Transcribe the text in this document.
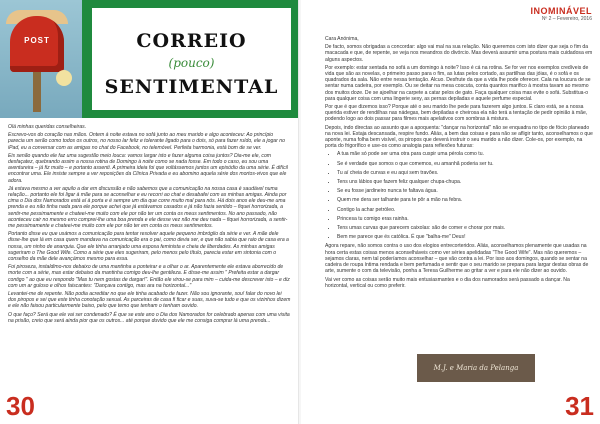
POST	CORREIO
(pouco)
SENTIMENTAL

Olá minhas queridas conselheiras.

Escrevo-vos do coração nas mãos. Ontem à noite estava no sofá junto ao meu marido e algo aconteceu: Ao princípio parecia um serão como todos os outros, no nosso lar feliz e tolerante ligado para o dois, só para fazer ruído, ele a jogar no iPad, eu a conversar com as amigas no chat do Facebook, no telemóvel. Perfeita harmonia, está bom de se ver.

Eis senão quando ele faz uma sugestão meio louca: vamos largar isto e fazer alguma coisa juntos? Dia-me ele, com desfaçatez, quebrando assim a nossa rotina de Domingo à noite como se nada fosse. Em todo o caso, eu sou uma aventureira – já fiz muito – e portanto assenti. A primeira ideia foi que voltássemos juntos um episódio da uma série. É difícil encontrar uma. Ele insiste sempre a ver reposições da Clínica Privada e eu abomino aquela série dos mortos-vivos que ele adora.

Já estava mesmo a ver aquilo a dar em discussão e não sabemos que a comunicação na nossa casa é saudável numa relação... portanto ele foi ligar à mãe para se aconselhar e eu recorri ao chat e desabafei com as minhas amigas. Ainda por cima o Dia dos Namorados está aí à porta e é sempre um dia que corre muito mal para nós. Há dois anos ele deu-me uma prenda e eu não tinha nada para ele porque achei que já estávamos casados e já não fazia sentido – fiquei horrorizada, a sentir-me pessimamente e chateei-me muito com ele por não ter um conta os meus sentimentos. No ano passado, não aconteceu cair no mesmo erro comprei-lhe uma boa prenda e ele desse vez não me deu nada – fiquei horrorizada, a sentir-me pessimamente e chateei-me muito com ele por não ter em conta os meus sentimentos.

Portanto disse eu que usámos a comunicação para tentar resolver aquele pequeno imbróglio da série e ver. A mãe dele disse-lhe que lá em casa quem mandava na comunicação era o pai, como devia ser, e que não sabia que raio de casa era a nossa, um ninho de anarquia. Que ele tinha arranjado uma esposa feminista e cheia de liberdades. As minhas amigas sugeriram o The Good Wife. Como a série que eles sugeriram, pelo menos pelo título, parecia estar em sintonia com o conselho da mãe dele avançámos mesmo para essa.

Foi piroseza, instaldimo-nos debaixo de uma mantinha a ponteirar e a olhar o ar. Aparentemente ele estava aborrecido de morte com a série, mas estar debaixo da mantinha comigo deu-lhe gentileza. E disse-me assim " Prefeita estar a dargar contigo " ao que eu respondo "Mas tu nem gostas de dargar!". Então ele virou-se para mim – cuida-me descrever isto – e diz com um ar guloso e olhos faiscantes: "Dançava contigo, mas ara na horizontal..."

Levantei-me de repente. Não podia acreditar no que ele tinha acabado de fazer. Não sou ignorante, sou! falar do novo lei dos piropos e sei que este tinha conotação sexual. As parceiras de casa fi ficar e suas, suva-se tudo e que os vizinhos dizem e ele não faisou particularmente baixo, pelo que temo que tenham o tenham ouvido.

O que faço? Será que ele vai ser condenado? É que se este ano o Dia dos Namorados for celebrado apenas com uma visita na prisão, creio que será ainda pior que os outros... até porque duvido que ele me consiga comprar lá uma prenda...

30
INOMINÁVEL
Nº 2 – Fevereiro, 2016

Cara Anónima,

De facto, somos obrigadas a concordar: algo vai mal na sua relação. Não queremos com isto dizer que seja o fim da macacada e que, de repente, se veja nos meandros do divórcio. Mas deverá assumir uma postura mais cuidadosa em alguns aspectos.

Por exemplo: estar sentada no sofá a um domingo à noite? Isso é cá na rotina. Se for ver nos exemplos credíveis de vida que são as novelas, o primeiro passo para o fim, as lutas pelos cortado, as partilhas das jóias, é o sofá e os quadrados da sala. Não entre nessa tentação. Alcuo. Desfrute da que a vida lhe pode oferecer. Cala na loucura de se sentar numa cadeira, por exemplo. Ou se deitar na mesa coscuta, conta quantos marifico à mostra tavam ao mesmo dos muitos doze. De se ajoelhar na carpete a catar pelos de gato. Faça qualquer coisa mas evite o sofá. Substitua-o para qualquer coisa com uma lingerie sexy, as pernas depiladas e aquele perfume especial.

Por que é que dizemos isso? Porque até o seu marido lhe pede para fazerem algo juntos. E claro está, se a nossa querida estiver de rendilhas nas nádegas, bem depiladas e cheirosa ela não terá a tentação de pedir opinião à mãe, podendo logo ao dois passar para filmes mais apelativos com sombras à mistura.

Depois, indo directas ao assunto que a apoquenta: "dançar na horizontal" não se enquadra no tipo de fócio planeado na nova lei. Estaja descansada, respire fundo. Aliás, a bem das coisas e para não se afligir tanto, aconselhamos o que aponte, numa folha bem visível, os piropos que deverá instruir o seu marido a não dizer. Cole-os, por exemplo, na porta do frigorífico e use-os como analogia para reflexões futuras:

• A tua mãe só pode ser uma otra para cuspir uma pérola como tu.
• Se é verdade que somos o que comemos, eu amanhã poderia ser tu.
• Tu aí cheia de curvas e eu aqui sem travões.
• Tens uns lábios que fazem feliz qualquer chupa-chupa.
• Se eu fosse jardineiro nunca te faltava água.
• Quem me dera ser talhante para te pôr a mão na febra.
• Contigo la achar petróleo.
• Princesa tu comigo eras rainha.
• Tens umas curvas que parecem caixolas: são de comer e chorar por mais.
• Bem me parece que és católica. É que "balha-me" Deus!

Agora repare, não somos contra o uso dos elogios entrecorteridos. Aliás, aconselhamos plenamente que usadas na hora certa estas coisas menos aconselháveis como ver séries apelidadas "The Good Wife". Mas não queremos – sejamos claras, nem tal poderíamos aconselhar – que vão contra a lei. Por isso aos domingos, quando se sentar na cadeira de roupa íntima rendada e bem perfumada e sentir que o seu marido se prepara para largar destas obras de arte, sumente o com da televisão, ponha a Teresa Guilherme ao gritar a ver e para ele não dizer ao ouvido.

Vai ver como as coisas serão muito mais entusiasmantes e o dia dos namorados será passado a dançar. Na horizontal, vertical ou como preferir.

M.J. e Maria da Pelanga
31
